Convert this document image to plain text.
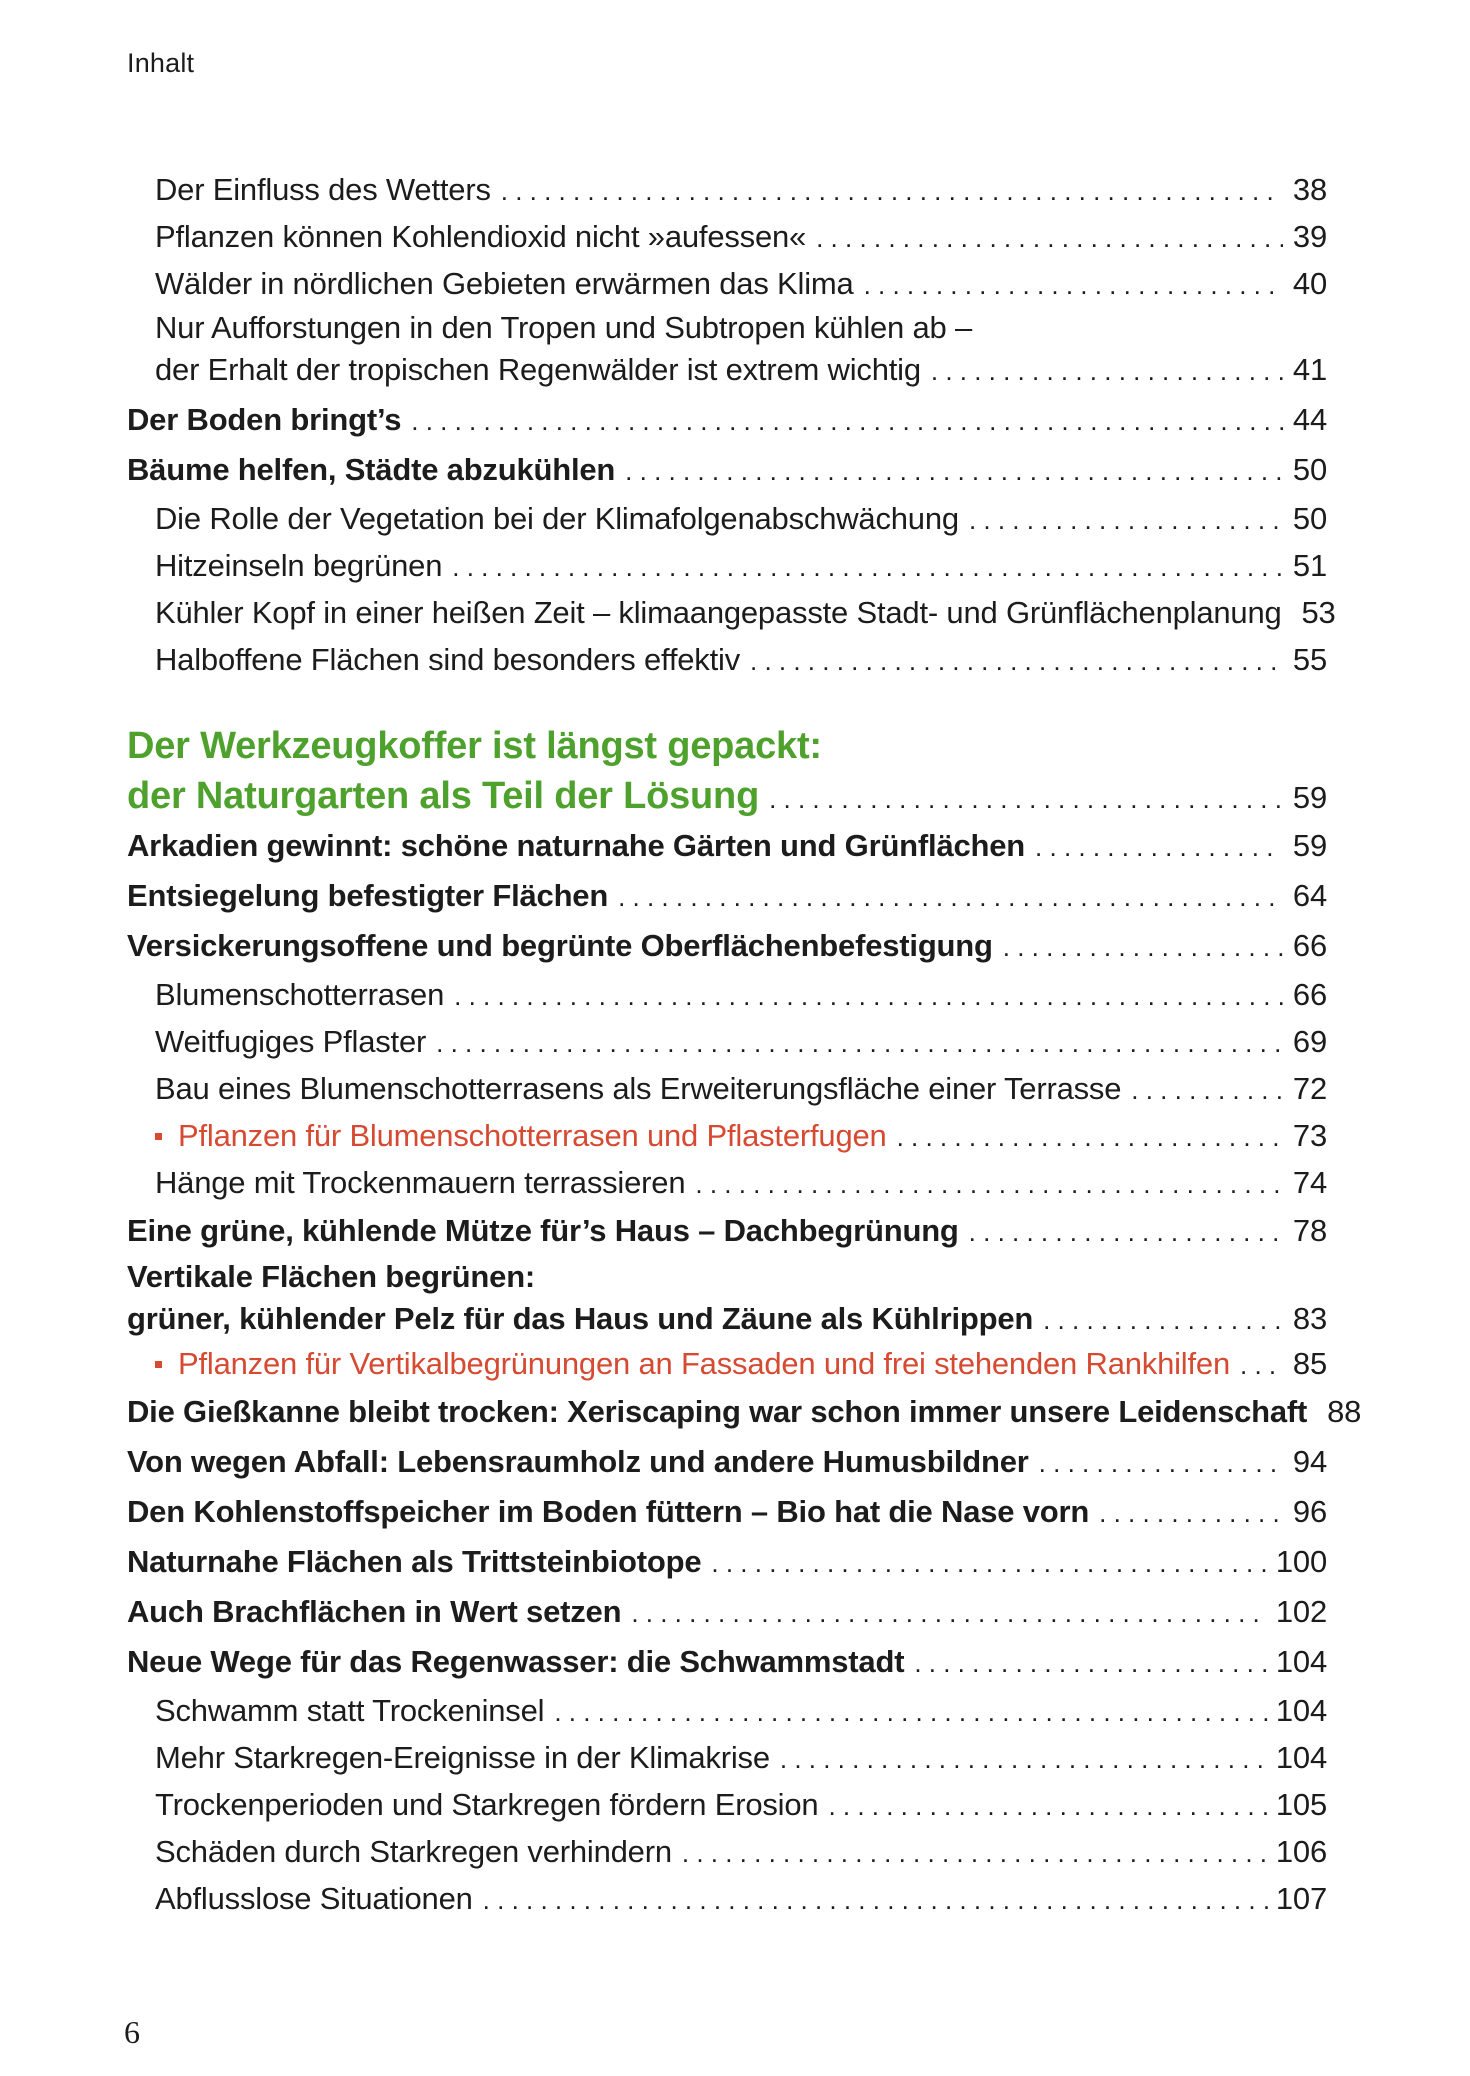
Inhalt
Der Einfluss des Wetters . . .	38
Pflanzen können Kohlendioxid nicht »aufessen« . . .	39
Wälder in nördlichen Gebieten erwärmen das Klima . . .	40
Nur Aufforstungen in den Tropen und Subtropen kühlen ab –
der Erhalt der tropischen Regenwälder ist extrem wichtig . . .	41
Der Boden bringt’s . . .	44
Bäume helfen, Städte abzukühlen . . .	50
Die Rolle der Vegetation bei der Klimafolgenabschwächung . . .	50
Hitzeinseln begrünen . . .	51
Kühler Kopf in einer heißen Zeit – klimaangepasste Stadt- und Grünflächenplanung 53
Halboffene Flächen sind besonders effektiv . . .	55
Der Werkzeugkoffer ist längst gepackt:
der Naturgarten als Teil der Lösung . . .	59
Arkadien gewinnt: schöne naturnahe Gärten und Grünflächen . . .	59
Entsiegelung befestigter Flächen . . .	64
Versickerungsoffene und begrünte Oberflächenbefestigung . . .	66
Blumenschotterrasen . . .	66
Weitfugiges Pflaster . . .	69
Bau eines Blumenschotterrasens als Erweiterungsfläche einer Terrasse . . .	72
Pflanzen für Blumenschotterrasen und Pflasterfugen . . .	73
Hänge mit Trockenmauern terrassieren . . .	74
Eine grüne, kühlende Mütze für’s Haus – Dachbegrünung . . .	78
Vertikale Flächen begrünen:
grüner, kühlender Pelz für das Haus und Zäune als Kühlrippen . . .	83
Pflanzen für Vertikalbegrünungen an Fassaden und frei stehenden Rankhilfen . . . 85
Die Gießkanne bleibt trocken: Xeriscaping war schon immer unsere Leidenschaft 88
Von wegen Abfall: Lebensraumholz und andere Humusbildner . . .	94
Den Kohlenstoffspeicher im Boden füttern – Bio hat die Nase vorn . . .	96
Naturnahe Flächen als Trittsteinbiotope . . .	100
Auch Brachflächen in Wert setzen . . .	102
Neue Wege für das Regenwasser: die Schwammstadt . . .	104
Schwamm statt Trockeninsel . . .	104
Mehr Starkregen-Ereignisse in der Klimakrise . . .	104
Trockenperioden und Starkregen fördern Erosion . . .	105
Schäden durch Starkregen verhindern . . .	106
Abflusslose Situationen . . .	107
6
